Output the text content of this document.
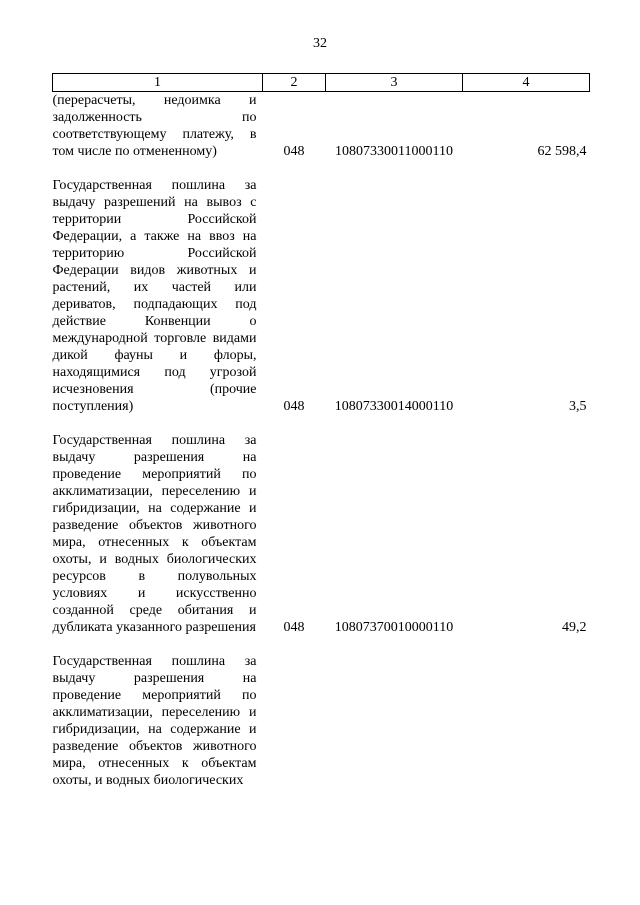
32
1	2	3	4
(перерасчеты, недоимка и задолженность по соответствующему платежу, в том числе по отмененному)	048	10807330011000110	62 598,4

Государственная пошлина за выдачу разрешений на вывоз с территории Российской Федерации, а также на ввоз на территорию Российской Федерации видов животных и растений, их частей или дериватов, подпадающих под действие Конвенции о международной торговле видами дикой фауны и флоры, находящимися под угрозой исчезновения (прочие поступления)	048	10807330014000110	3,5

Государственная пошлина за выдачу разрешения на проведение мероприятий по акклиматизации, переселению и гибридизации, на содержание и разведение объектов животного мира, отнесенных к объектам охоты, и водных биологических ресурсов в полувольных условиях и искусственно созданной среде обитания и дубликата указанного разрешения	048	10807370010000110	49,2

Государственная пошлина за выдачу разрешения на проведение мероприятий по акклиматизации, переселению и гибридизации, на содержание и разведение объектов животного мира, отнесенных к объектам охоты, и водных биологических			
